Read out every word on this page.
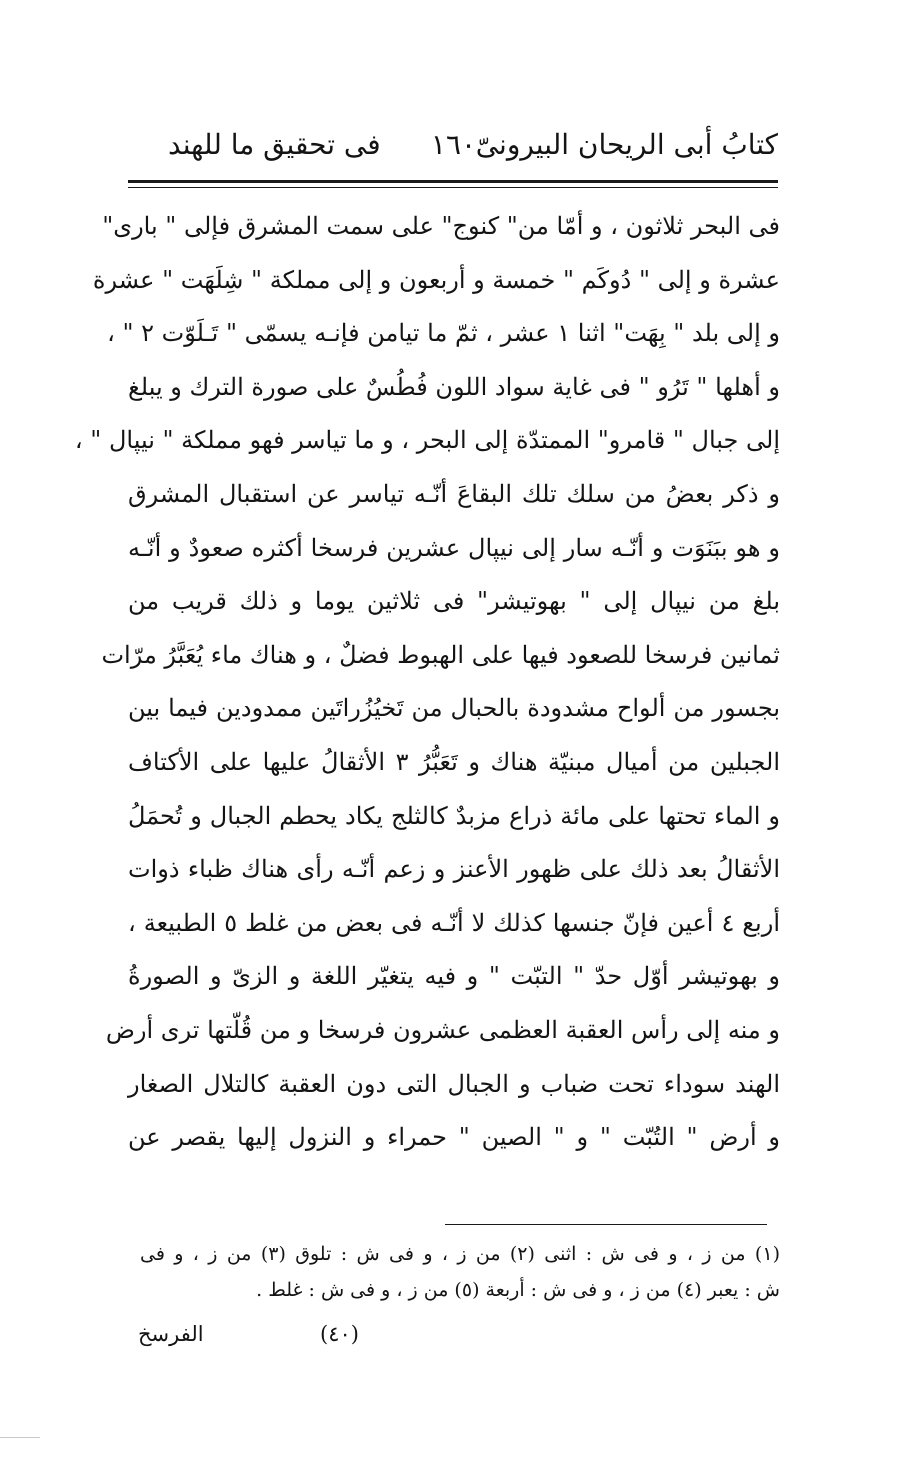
كتابُ أبى الريحان البيرونىّ
١٦٠
فى تحقيق ما للهند
فى البحر ثلاثون ، و أمّا من" كنوج" على سمت المشرق فإلى " بارى"
عشرة و إلى " دُوكَم " خمسة و أربعون و إلى مملكة " شِلَهَت " عشرة
و إلى بلد " بِهَت" اثنا ١ عشر ، ثمّ ما تيامن فإنـه يسمّى " تَـلَوّت ٢ " ،
و أهلها " تَرُو " فى غاية سواد اللون فُطُسٌ على صورة الترك و يبلغ
إلى جبال " قامرو" الممتدّة إلى البحر ، و ما تياسر فهو مملكة " نيپال " ،
و ذكر بعضُ من سلك تلك البقاعَ أنّـه تياسر عن استقبال المشرق
و هو ببَنَوَت و أنّـه سار إلى نيپال عشرين فرسخا أكثره صعودٌ و أنّـه
بلغ من نيپال إلى " بهوتيشر" فى ثلاثين يوما و ذلك قريب من
ثمانين فرسخا للصعود فيها على الهبوط فضلٌ ، و هناك ماء يُعَبَّرُ مرّات
بجسور من ألواح مشدودة بالحبال من تَخيُزُراتَين ممدودين فيما بين
الجبلين من أميال مبنيّة هناك و تَعَبُّرُ ٣ الأثقالُ عليها على الأكتاف
و الماء تحتها على مائة ذراع مزبدٌ كالثلج يكاد يحطم الجبال و تُحمَلُ
الأثقالُ بعد ذلك على ظهور الأعنز و زعم أنّـه رأى هناك ظباء ذوات
أربع ٤ أعين فإنّ جنسها كذلك لا أنّـه فى بعض من غلط ٥ الطبيعة ،
و بهوتيشر أوّل حدّ " التبّت " و فيه يتغيّر اللغة و الزىّ و الصورةُ
و منه إلى رأس العقبة العظمى عشرون فرسخا و من قُلّتها ترى أرض
الهند سوداء تحت ضباب و الجبال التى دون العقبة كالتلال الصغار
و أرض " التُبّت " و " الصين " حمراء و النزول إليها يقصر عن
(١) من ز ، و فى ش : اثنى (٢) من ز ، و فى ش : تلوق (٣) من ز ، و فى
ش : يعبر (٤) من ز ، و فى ش : أربعة (٥) من ز ، و فى ش : غلط .
(٤٠)
الفرسخ
